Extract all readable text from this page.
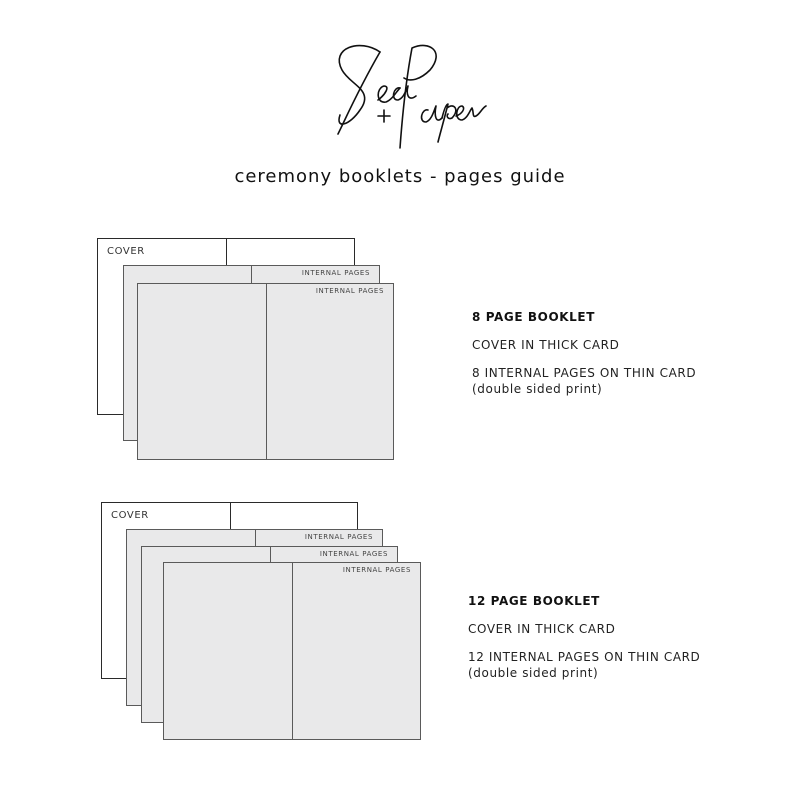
ceremony booklets - pages guide
COVER
INTERNAL PAGES
INTERNAL PAGES
8 PAGE BOOKLET
COVER IN THICK CARD
8 INTERNAL PAGES ON THIN CARD
(double sided print)
COVER
INTERNAL PAGES
INTERNAL PAGES
INTERNAL PAGES
12 PAGE BOOKLET
COVER IN THICK CARD
12 INTERNAL PAGES ON THIN CARD
(double sided print)
